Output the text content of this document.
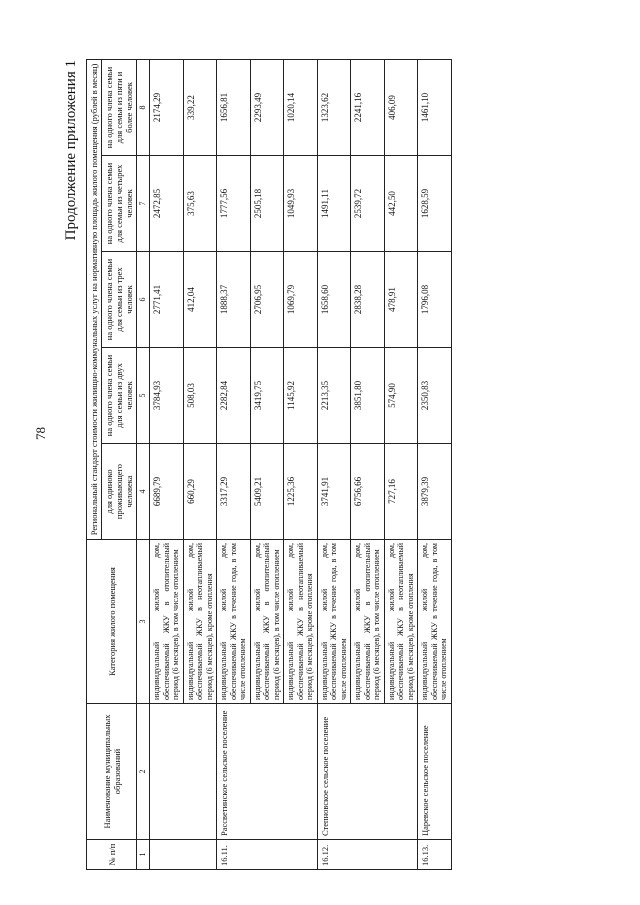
78
Продолжение приложения 1
№ п/п	Наименование муниципальных образований	Категория жилого помещения	Региональный стандарт стоимости жилищно-коммунальных услуг на нормативную площадь жилого помещения (рублей в месяц)				
			для одиноко проживающего человека	на одного члена семьи для семьи из двух человек	на одного члена семьи для семьи из трех человек	на одного члена семьи для семьи из четырех человек	на одного члена семьи для семьи из пяти и более человек
1	2	3	4	5	6	7	8
		индивидуальный жилой дом, обеспечиваемый ЖКУ в отопительный период (6 месяцев), в том числе отоплением	6689,79	3784,93	2771,41	2472,85	2174,29
		индивидуальный жилой дом, обеспечиваемый ЖКУ в неотапливаемый период (6 месяцев), кроме отопления	660,29	508,03	412,04	375,63	339,22
16.11.	Рассветинское сельское поселение	индивидуальный жилой дом, обеспечиваемый ЖКУ в течение года, в том числе отоплением	3317,29	2282,84	1888,37	1777,56	1656,81
		индивидуальный жилой дом, обеспечиваемый ЖКУ в отопительный период (6 месяцев), в том числе отоплением	5409,21	3419,75	2706,95	2505,18	2293,49
		индивидуальный жилой дом, обеспечиваемый ЖКУ в неотапливаемый период (6 месяцев), кроме отопления	1225,36	1145,92	1069,79	1049,93	1020,14
16.12.	Степновское сельское поселение	индивидуальный жилой дом, обеспечиваемый ЖКУ в течение года, в том числе отоплением	3741,91	2213,35	1658,60	1491,11	1323,62
		индивидуальный жилой дом, обеспечиваемый ЖКУ в отопительный период (6 месяцев), в том числе отоплением	6756,66	3851,80	2838,28	2539,72	2241,16
		индивидуальный жилой дом, обеспечиваемый ЖКУ в неотапливаемый период (6 месяцев), кроме отопления	727,16	574,90	478,91	442,50	406,09
16.13.	Царевское сельское поселение	индивидуальный жилой дом, обеспечиваемый ЖКУ в течение года, в том числе отоплением	3879,39	2350,83	1796,08	1628,59	1461,10
